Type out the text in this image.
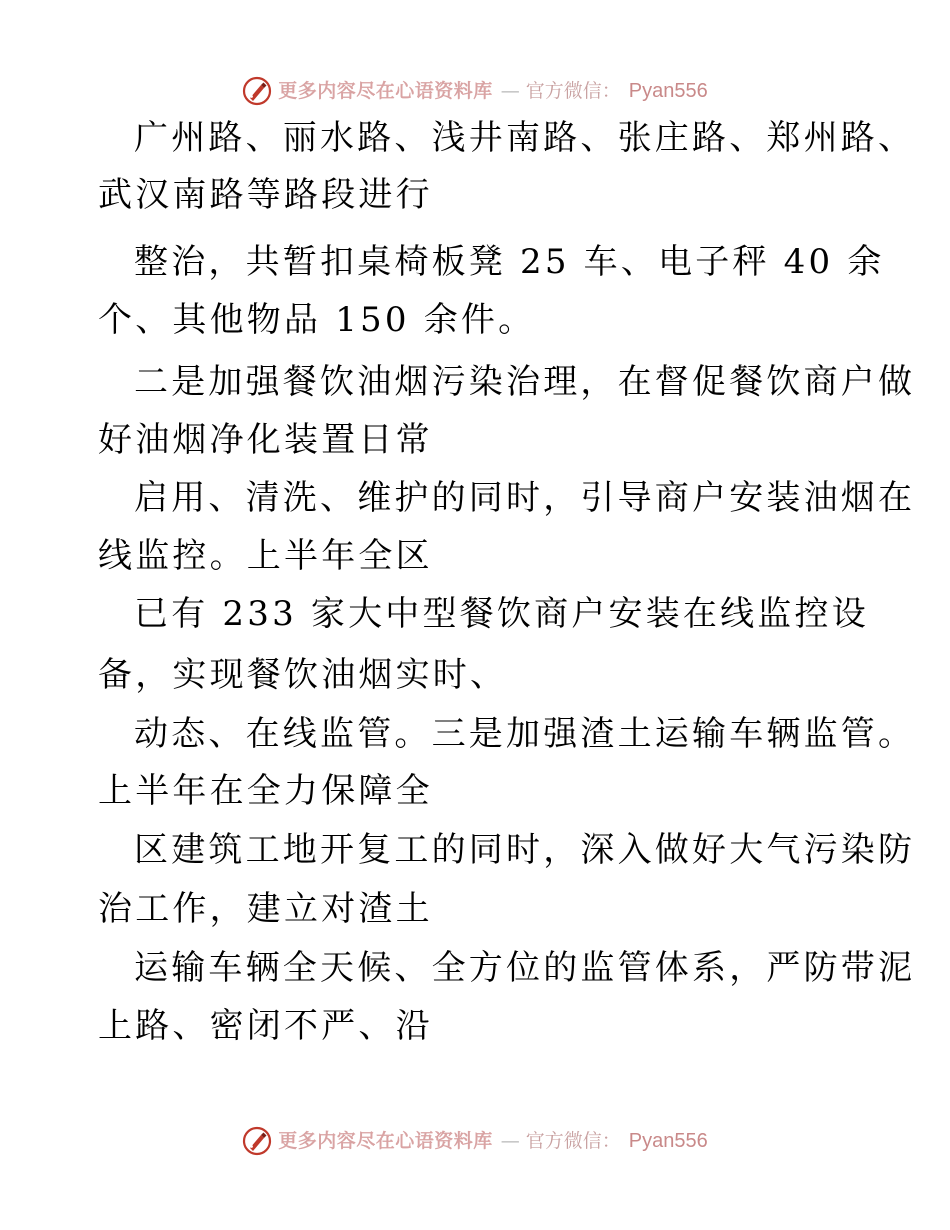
更多内容尽在心语资料库 — 官方微信： Pyan556
广州路、丽水路、浅井南路、张庄路、郑州路、
武汉南路等路段进行
整治，共暂扣桌椅板凳 25 车、电子秤 40 余
个、其他物品 150 余件。
二是加强餐饮油烟污染治理，在督促餐饮商户做
好油烟净化装置日常
启用、清洗、维护的同时，引导商户安装油烟在
线监控。上半年全区
已有 233 家大中型餐饮商户安装在线监控设
备，实现餐饮油烟实时、
动态、在线监管。三是加强渣土运输车辆监管。
上半年在全力保障全
区建筑工地开复工的同时，深入做好大气污染防
治工作，建立对渣土
运输车辆全天候、全方位的监管体系，严防带泥
上路、密闭不严、沿
更多内容尽在心语资料库 — 官方微信： Pyan556
